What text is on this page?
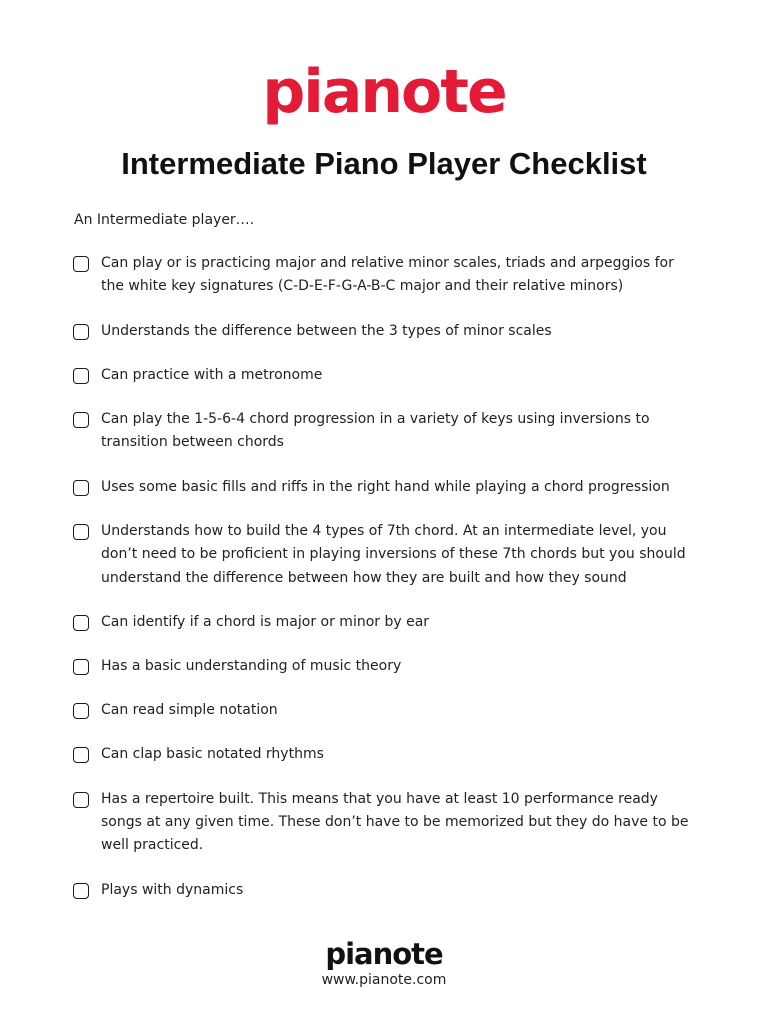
pianote
Intermediate Piano Player Checklist
An Intermediate player….
Can play or is practicing major and relative minor scales, triads and arpeggios for the white key signatures (C-D-E-F-G-A-B-C major and their relative minors)
Understands the difference between the 3 types of minor scales
Can practice with a metronome
Can play the 1-5-6-4 chord progression in a variety of keys using inversions to transition between chords
Uses some basic fills and riffs in the right hand while playing a chord progression
Understands how to build the 4 types of 7th chord. At an intermediate level, you don’t need to be proficient in playing inversions of these 7th chords but you should understand the difference between how they are built and how they sound
Can identify if a chord is major or minor by ear
Has a basic understanding of music theory
Can read simple notation
Can clap basic notated rhythms
Has a repertoire built. This means that you have at least 10 performance ready songs at any given time. These don’t have to be memorized but they do have to be well practiced.
Plays with dynamics
pianote
www.pianote.com
